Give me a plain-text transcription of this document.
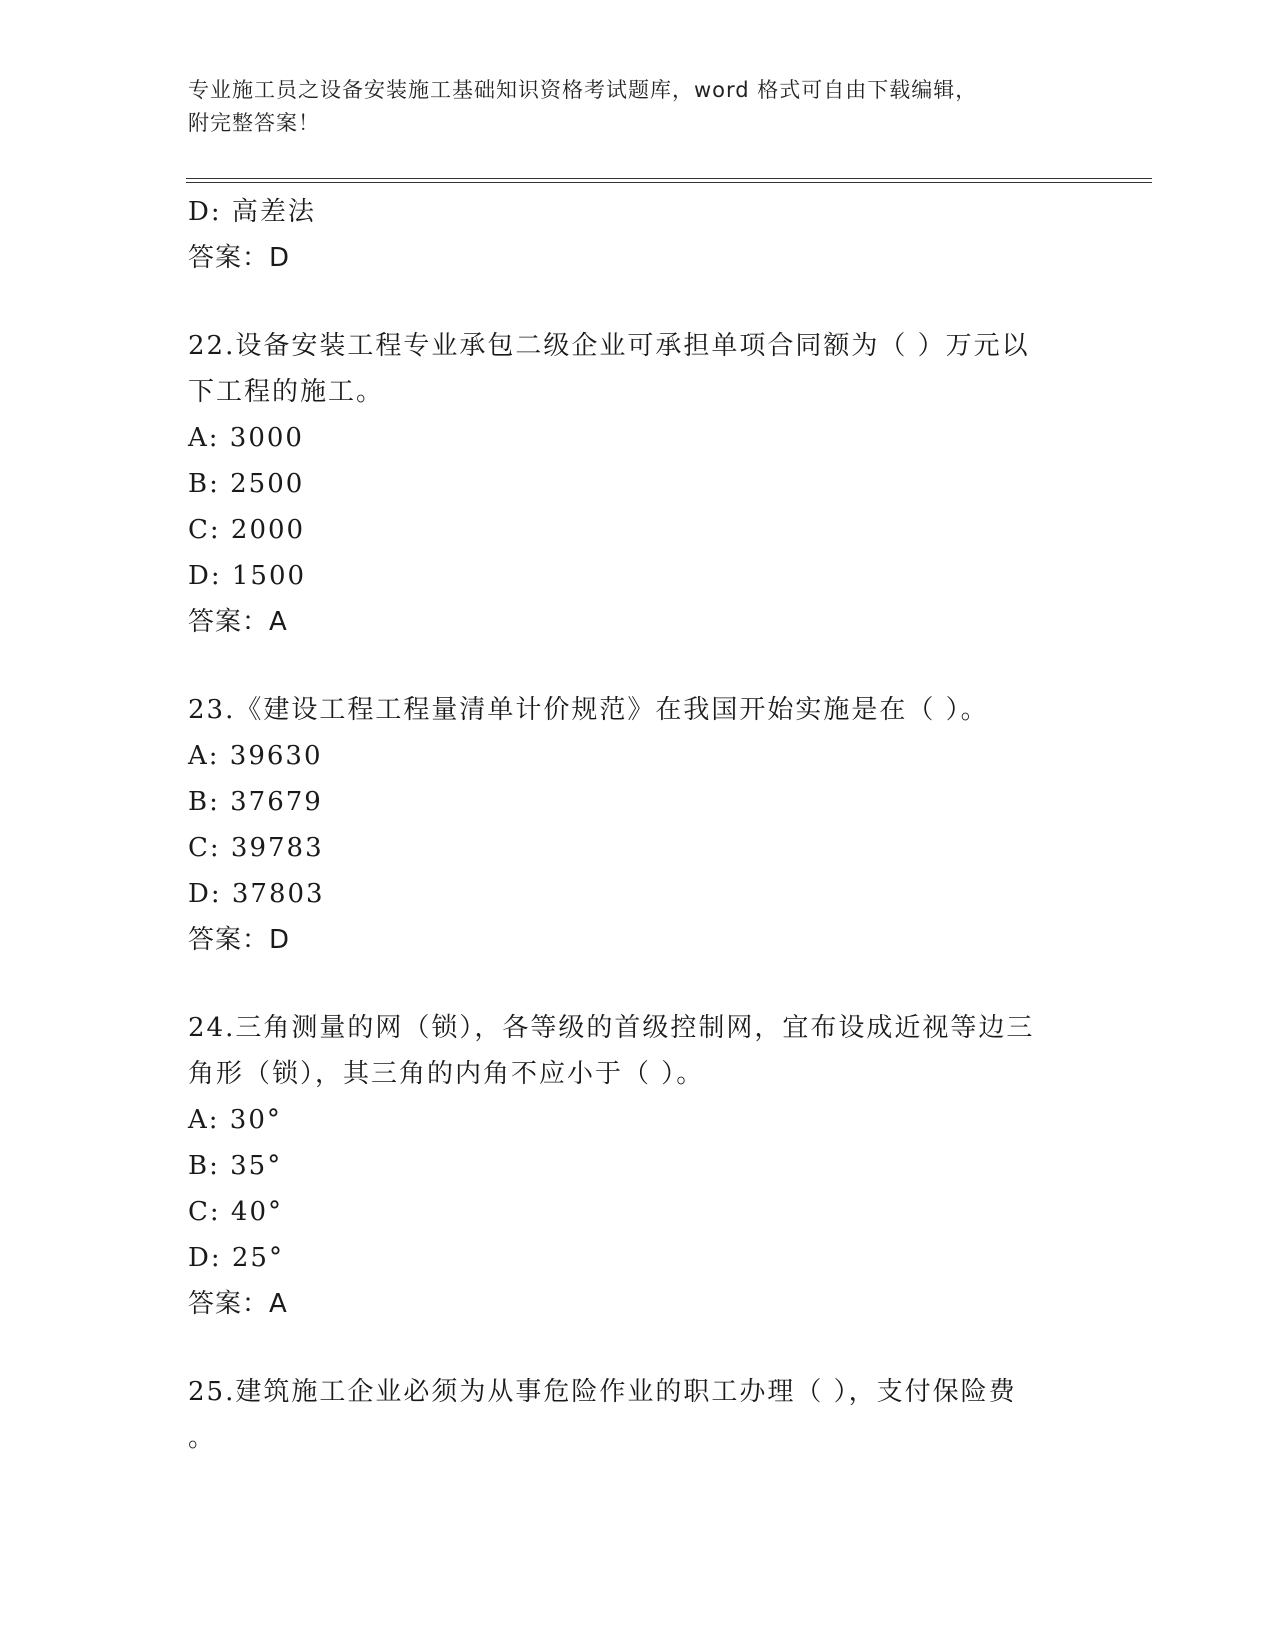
专业施工员之设备安装施工基础知识资格考试题库，word 格式可自由下载编辑，
附完整答案！
D: 高差法
答案：D
22.设备安装工程专业承包二级企业可承担单项合同额为（ ）万元以
下工程的施工。
A: 3000
B: 2500
C: 2000
D: 1500
答案：A
23.《建设工程工程量清单计价规范》在我国开始实施是在（ ）。
A: 39630
B: 37679
C: 39783
D: 37803
答案：D
24.三角测量的网（锁），各等级的首级控制网，宜布设成近视等边三
角形（锁），其三角的内角不应小于（ ）。
A: 30°
B: 35°
C: 40°
D: 25°
答案：A
25.建筑施工企业必须为从事危险作业的职工办理（ ），支付保险费
。
